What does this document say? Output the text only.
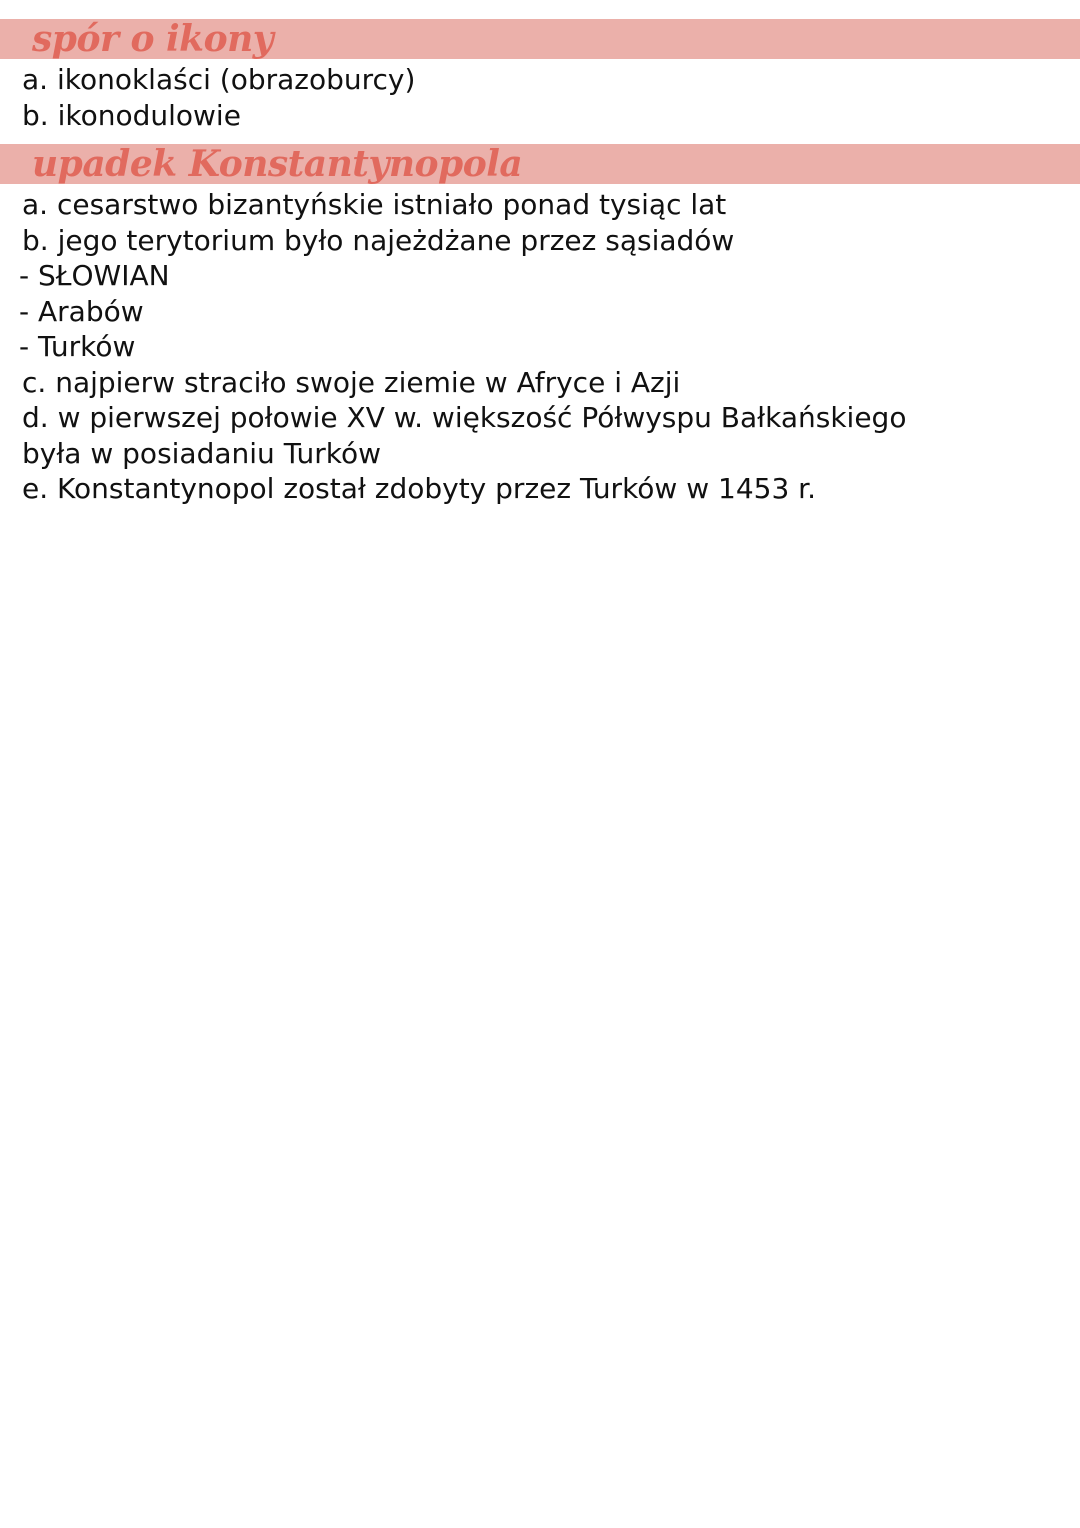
spór o ikony
a. ikonoklaści (obrazoburcy)
b. ikonodulowie
upadek Konstantynopola
a. cesarstwo bizantyńskie istniało ponad tysiąc lat
b. jego terytorium było najeżdżane przez sąsiadów
- SŁOWIAN
- Arabów
- Turków
c. najpierw straciło swoje ziemie w Afryce i Azji
d. w pierwszej połowie XV w. większość Półwyspu Bałkańskiego
była w posiadaniu Turków
e. Konstantynopol został zdobyty przez Turków w 1453 r.
